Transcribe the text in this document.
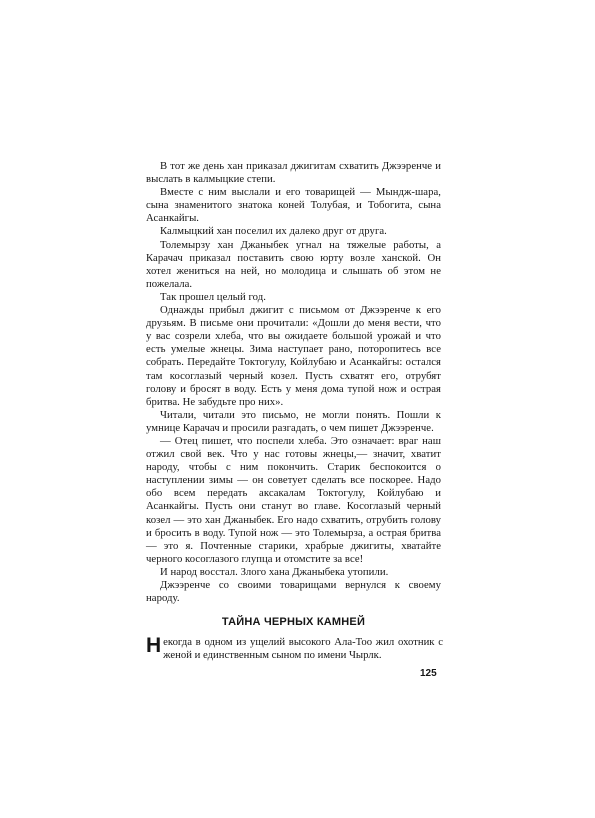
В тот же день хан приказал джигитам схватить Джээренче и выслать в калмыцкие степи.

Вместе с ним выслали и его товарищей — Мындж-шара, сына знаменитого знатока коней Толубая, и Тобогита, сына Асанкайгы.

Калмыцкий хан поселил их далеко друг от друга.

Толемырзу хан Джаныбек угнал на тяжелые работы, а Карачач приказал поставить свою юрту возле ханской. Он хотел жениться на ней, но молодица и слышать об этом не пожелала.

Так прошел целый год.

Однажды прибыл джигит с письмом от Джээренче к его друзьям. В письме они прочитали: «Дошли до меня вести, что у вас созрели хлеба, что вы ожидаете большой урожай и что есть умелые жнецы. Зима наступает рано, поторопитесь все собрать. Передайте Токтогулу, Койлубаю и Асанкайгы: остался там косоглазый черный козел. Пусть схватят его, отрубят голову и бросят в воду. Есть у меня дома тупой нож и острая бритва. Не забудьте про них».

Читали, читали это письмо, не могли понять. Пошли к умнице Карачач и просили разгадать, о чем пишет Джээренче.

— Отец пишет, что поспели хлеба. Это означает: враг наш отжил свой век. Что у нас готовы жнецы,— значит, хватит народу, чтобы с ним покончить. Старик беспокоится о наступлении зимы — он советует сделать все поскорее. Надо обо всем передать аксакалам Токтогулу, Койлубаю и Асанкайгы. Пусть они станут во главе. Косоглазый черный козел — это хан Джаныбек. Его надо схватить, отрубить голову и бросить в воду. Тупой нож — это Толемырза, а острая бритва — это я. Почтенные старики, храбрые джигиты, хватайте черного косоглазого глупца и отомстите за все!

И народ восстал. Злого хана Джаныбека утопили.

Джээренче со своими товарищами вернулся к своему народу.

ТАЙНА ЧЕРНЫХ КАМНЕЙ
Н екогда в одном из ущелий высокого Ала-Тоо жил охотник с женой и единственным сыном по имени Чырлк.
125
